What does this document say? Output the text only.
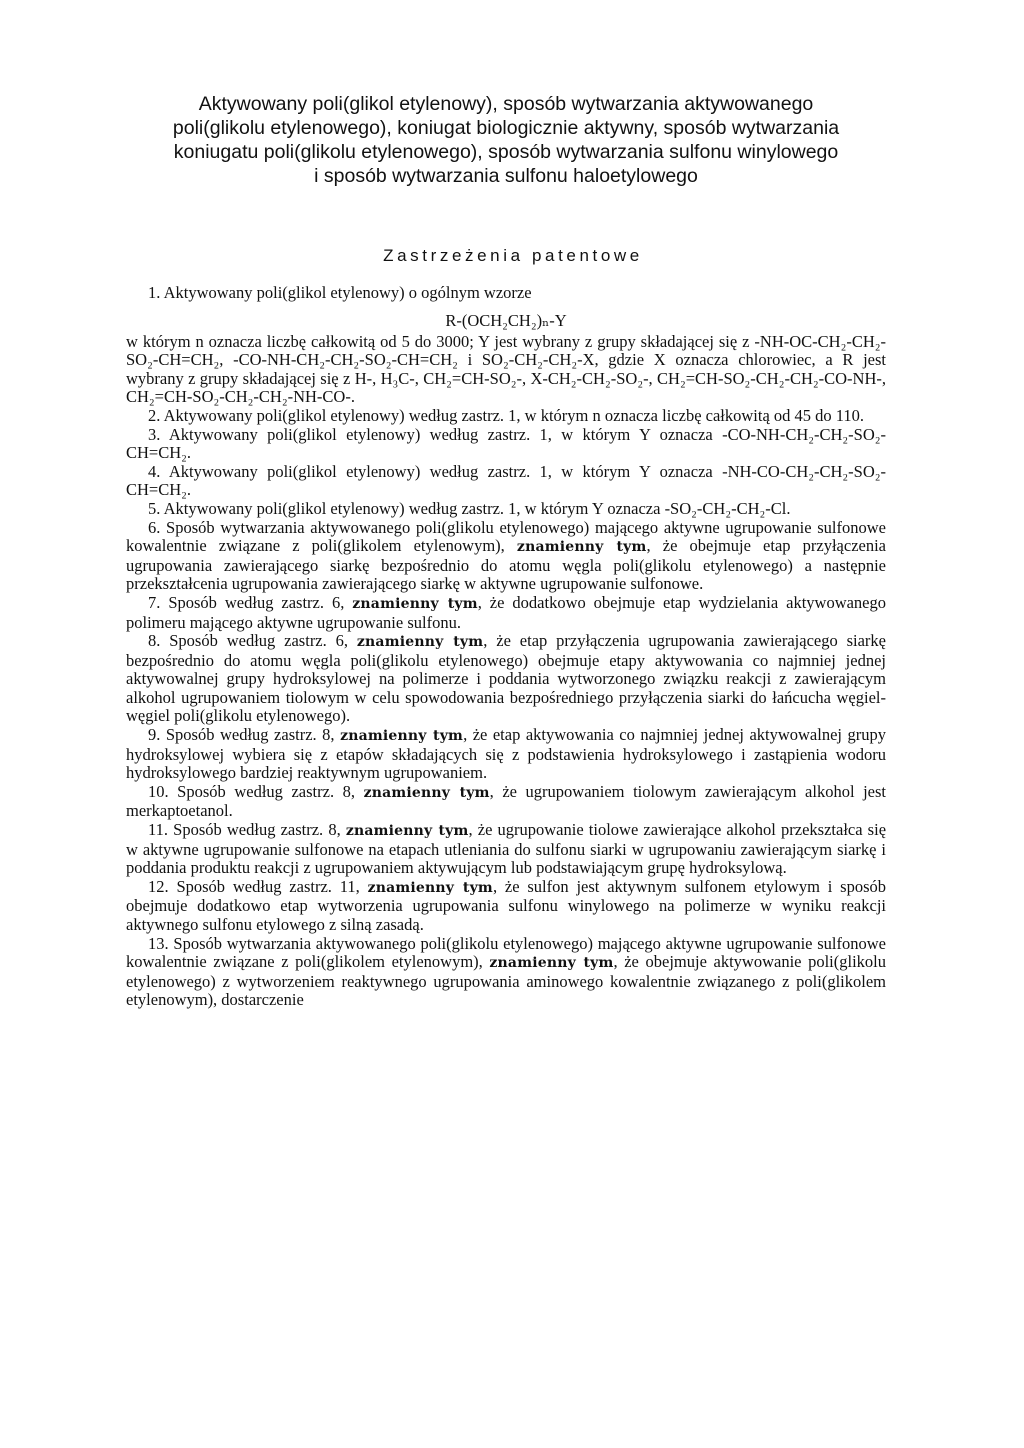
Aktywowany poli(glikol etylenowy), sposób wytwarzania aktywowanego
poli(glikolu etylenowego), koniugat biologicznie aktywny, sposób wytwarzania
koniugatu poli(glikolu etylenowego), sposób wytwarzania sulfonu winylowego
i sposób wytwarzania sulfonu haloetylowego
Zastrzeżenia patentowe

1. Aktywowany poli(glikol etylenowy) o ogólnym wzorze

R-(OCH₂CH₂)ₙ-Y

w którym n oznacza liczbę całkowitą od 5 do 3000; Y jest wybrany z grupy składającej się z -NH-OC-CH₂-CH₂-SO₂-CH=CH₂, -CO-NH-CH₂-CH₂-SO₂-CH=CH₂ i SO₂-CH₂-CH₂-X, gdzie X oznacza chlorowiec, a R jest wybrany z grupy składającej się z H-, H₃C-, CH₂=CH-SO₂-, X-CH₂-CH₂-SO₂-, CH₂=CH-SO₂-CH₂-CH₂-CO-NH-, CH₂=CH-SO₂-CH₂-CH₂-NH-CO-.

2. Aktywowany poli(glikol etylenowy) według zastrz. 1, w którym n oznacza liczbę całkowitą od 45 do 110.

3. Aktywowany poli(glikol etylenowy) według zastrz. 1, w którym Y oznacza -CO-NH-CH₂-CH₂-SO₂-CH=CH₂.

4. Aktywowany poli(glikol etylenowy) według zastrz. 1, w którym Y oznacza -NH-CO-CH₂-CH₂-SO₂-CH=CH₂.

5. Aktywowany poli(glikol etylenowy) według zastrz. 1, w którym Y oznacza -SO₂-CH₂-CH₂-Cl.

6. Sposób wytwarzania aktywowanego poli(glikolu etylenowego) mającego aktywne ugrupowanie sulfonowe kowalentnie związane z poli(glikolem etylenowym), znamienny tym, że obejmuje etap przyłączenia ugrupowania zawierającego siarkę bezpośrednio do atomu węgla poli(glikolu etylenowego) a następnie przekształcenia ugrupowania zawierającego siarkę w aktywne ugrupowanie sulfonowe.

7. Sposób według zastrz. 6, znamienny tym, że dodatkowo obejmuje etap wydzielania aktywowanego polimeru mającego aktywne ugrupowanie sulfonu.

8. Sposób według zastrz. 6, znamienny tym, że etap przyłączenia ugrupowania zawierającego siarkę bezpośrednio do atomu węgla poli(glikolu etylenowego) obejmuje etapy aktywowania co najmniej jednej aktywowalnej grupy hydroksylowej na polimerze i poddania wytworzonego związku reakcji z zawierającym alkohol ugrupowaniem tiolowym w celu spowodowania bezpośredniego przyłączenia siarki do łańcucha węgiel-węgiel poli(glikolu etylenowego).

9. Sposób według zastrz. 8, znamienny tym, że etap aktywowania co najmniej jednej aktywowalnej grupy hydroksylowej wybiera się z etapów składających się z podstawienia hydroksylowego i zastąpienia wodoru hydroksylowego bardziej reaktywnym ugrupowaniem.

10. Sposób według zastrz. 8, znamienny tym, że ugrupowaniem tiolowym zawierającym alkohol jest merkaptoetanol.

11. Sposób według zastrz. 8, znamienny tym, że ugrupowanie tiolowe zawierające alkohol przekształca się w aktywne ugrupowanie sulfonowe na etapach utleniania do sulfonu siarki w ugrupowaniu zawierającym siarkę i poddania produktu reakcji z ugrupowaniem aktywującym lub podstawiającym grupę hydroksylową.

12. Sposób według zastrz. 11, znamienny tym, że sulfon jest aktywnym sulfonem etylowym i sposób obejmuje dodatkowo etap wytworzenia ugrupowania sulfonu winylowego na polimerze w wyniku reakcji aktywnego sulfonu etylowego z silną zasadą.

13. Sposób wytwarzania aktywowanego poli(glikolu etylenowego) mającego aktywne ugrupowanie sulfonowe kowalentnie związane z poli(glikolem etylenowym), znamienny tym, że obejmuje aktywowanie poli(glikolu etylenowego) z wytworzeniem reaktywnego ugrupowania aminowego kowalentnie związanego z poli(glikolem etylenowym), dostarczenie
